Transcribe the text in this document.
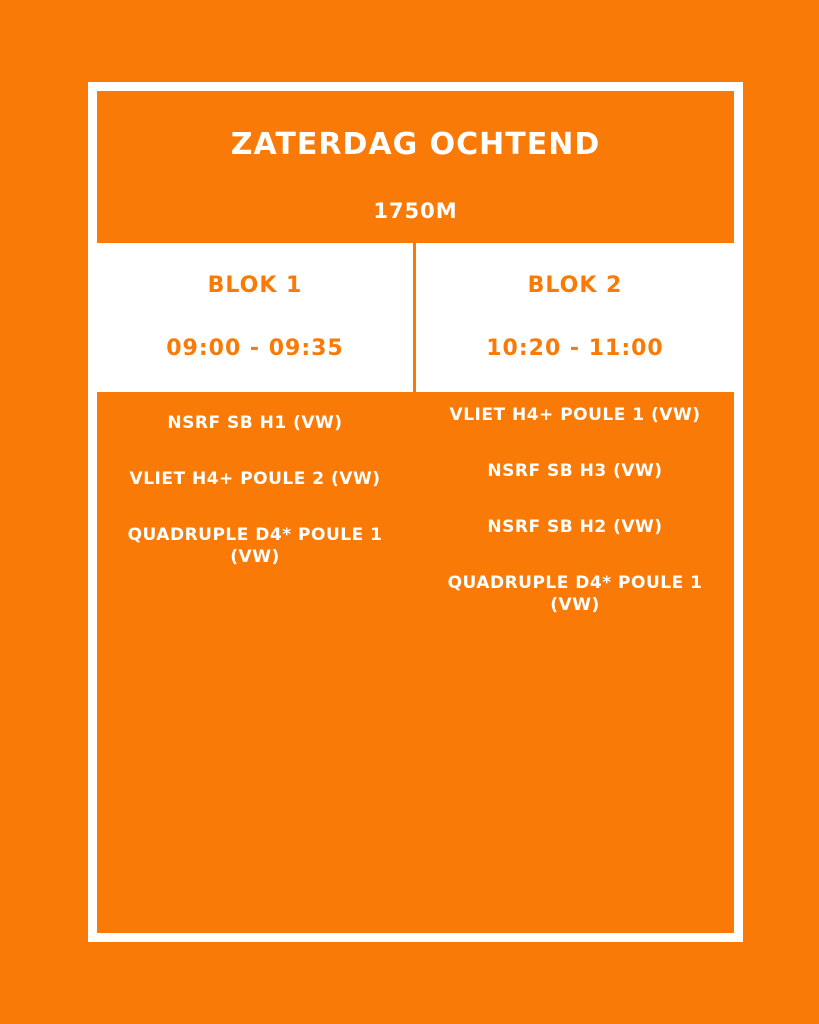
ZATERDAG OCHTEND
1750M
BLOK 1
09:00 - 09:35
BLOK 2
10:20 - 11:00
NSRF SB H1 (VW)
VLIET H4+ POULE 2 (VW)
QUADRUPLE D4* POULE 1 (VW)
VLIET H4+ POULE 1 (VW)
NSRF SB H3 (VW)
NSRF SB H2 (VW)
QUADRUPLE D4* POULE 1 (VW)
